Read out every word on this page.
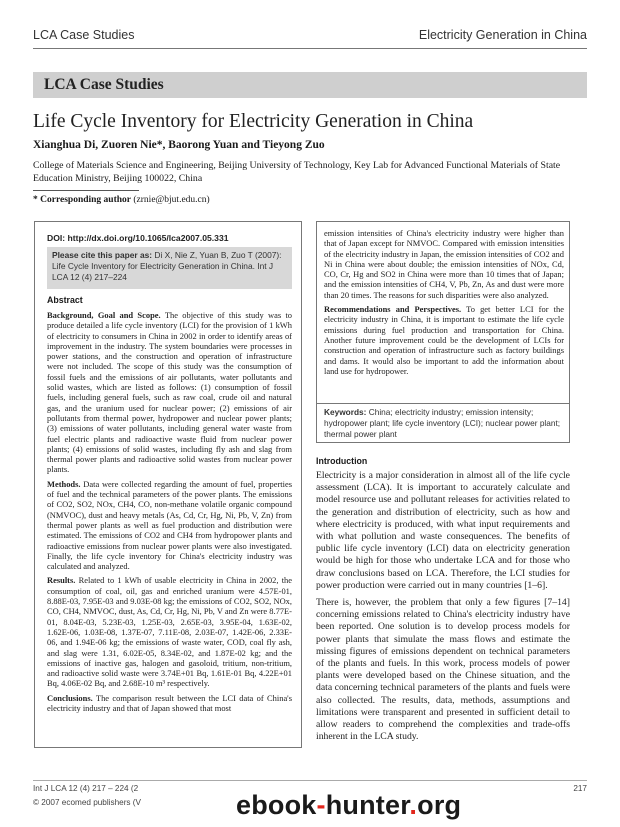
LCA Case Studies	Electricity Generation in China
LCA Case Studies
Life Cycle Inventory for Electricity Generation in China
Xianghua Di, Zuoren Nie*, Baorong Yuan and Tieyong Zuo
College of Materials Science and Engineering, Beijing University of Technology, Key Lab for Advanced Functional Materials of State Education Ministry, Beijing 100022, China
* Corresponding author (zrnie@bjut.edu.cn)
DOI: http://dx.doi.org/10.1065/lca2007.05.331
Please cite this paper as: Di X, Nie Z, Yuan B, Zuo T (2007): Life Cycle Inventory for Electricity Generation in China. Int J LCA 12 (4) 217–224
Abstract

Background, Goal and Scope. The objective of this study was to produce detailed a life cycle inventory (LCI) for the provision of 1 kWh of electricity to consumers in China in 2002 in order to identify areas of improvement in the industry. The system boundaries were processes in power stations, and the construction and operation of infrastructure were not included. The scope of this study was the consumption of fossil fuels and the emissions of air pollutants, water pollutants and solid wastes, which are listed as follows: (1) consumption of fossil fuels, including general fuels, such as raw coal, crude oil and natural gas, and the uranium used for nuclear power; (2) emissions of air pollutants from thermal power, hydropower and nuclear power plants; (3) emissions of water pollutants, including general water waste from fuel electric plants and radioactive waste fluid from nuclear power plants; (4) emissions of solid wastes, including fly ash and slag from thermal power plants and radioactive solid wastes from nuclear power plants.

Methods. Data were collected regarding the amount of fuel, properties of fuel and the technical parameters of the power plants. The emissions of CO2, SO2, NOx, CH4, CO, non-methane volatile organic compound (NMVOC), dust and heavy metals (As, Cd, Cr, Hg, Ni, Pb, V, Zn) from thermal power plants as well as fuel production and distribution were estimated. The emissions of CO2 and CH4 from hydropower plants and radioactive emissions from nuclear power plants were also investigated. Finally, the life cycle inventory for China's electricity industry was calculated and analyzed.

Results. Related to 1 kWh of usable electricity in China in 2002, the consumption of coal, oil, gas and enriched uranium were 4.57E-01, 8.88E-03, 7.95E-03 and 9.03E-08 kg; the emissions of CO2, SO2, NOx, CO, CH4, NMVOC, dust, As, Cd, Cr, Hg, Ni, Pb, V and Zn were 8.77E-01, 8.04E-03, 5.23E-03, 1.25E-03, 2.65E-03, 3.95E-04, 1.63E-02, 1.62E-06, 1.03E-08, 1.37E-07, 7.11E-08, 2.03E-07, 1.42E-06, 2.33E-06, and 1.94E-06 kg; the emissions of waste water, COD, coal fly ash, and slag were 1.31, 6.02E-05, 8.34E-02, and 1.87E-02 kg; and the emissions of inactive gas, halogen and gasoloid, tritium, non-tritium, and radioactive solid waste were 3.74E+01 Bq, 1.61E-01 Bq, 4.22E+01 Bq, 4.06E-02 Bq, and 2.68E-10 m³ respectively.

Conclusions. The comparison result between the LCI data of China's electricity industry and that of Japan showed that most

emission intensities of China's electricity industry were higher than that of Japan except for NMVOC. Compared with emission intensities of the electricity industry in Japan, the emission intensities of CO2 and Ni in China were about double; the emission intensities of NOx, Cd, CO, Cr, Hg and SO2 in China were more than 10 times that of Japan; and the emission intensities of CH4, V, Pb, Zn, As and dust were more than 20 times. The reasons for such disparities were also analyzed.

Recommendations and Perspectives. To get better LCI for the electricity industry in China, it is important to estimate the life cycle emissions during fuel production and transportation for China. Another future improvement could be the development of LCIs for construction and operation of infrastructure such as factory buildings and dams. It would also be important to add the information about land use for hydropower.

Keywords: China; electricity industry; emission intensity; hydropower plant; life cycle inventory (LCI); nuclear power plant; thermal power plant
Introduction

Electricity is a major consideration in almost all of the life cycle assessment (LCA). It is important to accurately calculate and model resource use and pollutant releases for activities related to the generation and distribution of electricity, such as how and where electricity is produced, with what input requirements and with what pollution and waste consequences. The benefits of public life cycle inventory (LCI) data on electricity generation would be high for those who undertake LCA and for those who draw conclusions based on LCA. Therefore, the LCI studies for power production were carried out in many countries [1–6].

There is, however, the problem that only a few figures [7–14] concerning emissions related to China's electricity industry have been reported. One solution is to develop process models for power plants that simulate the mass flows and estimate the missing figures of emissions dependent on technical parameters of the plants and fuels. In this work, process models of power plants were developed based on the Chinese situation, and the data concerning technical parameters of the plants and fuels were also collected. The results, data, methods, assumptions and limitations were transparent and presented in sufficient detail to allow readers to comprehend the complexities and trade-offs inherent in the LCA study.

Int J LCA 12 (4) 217 – 224 (2
© 2007 ecomed publishers (V
217
ebook-hunter.org
